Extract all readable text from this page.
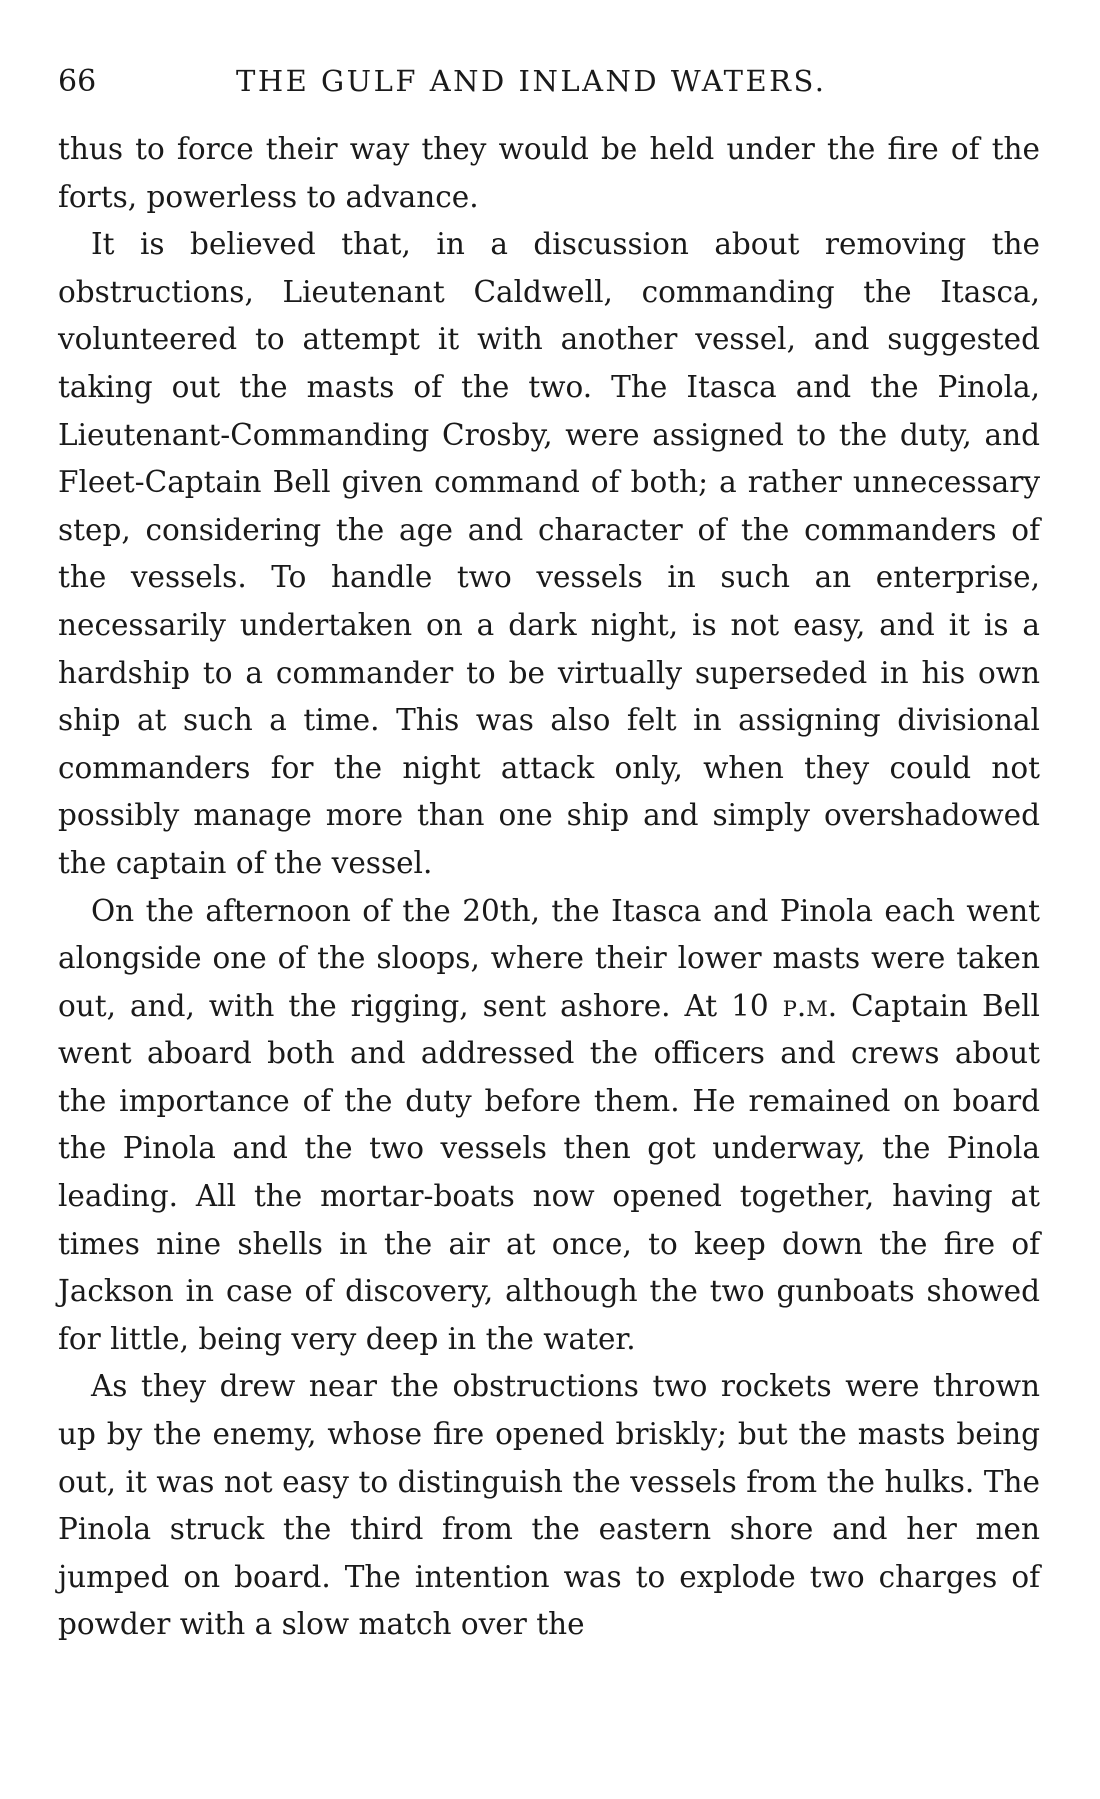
66	THE GULF AND INLAND WATERS.

thus to force their way they would be held under the fire of the forts, powerless to advance.

It is believed that, in a discussion about removing the obstructions, Lieutenant Caldwell, commanding the Itasca, volunteered to attempt it with another vessel, and suggested taking out the masts of the two. The Itasca and the Pinola, Lieutenant-Commanding Crosby, were assigned to the duty, and Fleet-Captain Bell given command of both; a rather unnecessary step, considering the age and character of the commanders of the vessels. To handle two vessels in such an enterprise, necessarily undertaken on a dark night, is not easy, and it is a hardship to a commander to be virtually superseded in his own ship at such a time. This was also felt in assigning divisional commanders for the night attack only, when they could not possibly manage more than one ship and simply overshadowed the captain of the vessel.

On the afternoon of the 20th, the Itasca and Pinola each went alongside one of the sloops, where their lower masts were taken out, and, with the rigging, sent ashore. At 10 p.m. Captain Bell went aboard both and addressed the officers and crews about the importance of the duty before them. He remained on board the Pinola and the two vessels then got underway, the Pinola leading. All the mortar-boats now opened together, having at times nine shells in the air at once, to keep down the fire of Jackson in case of discovery, although the two gunboats showed for little, being very deep in the water.

As they drew near the obstructions two rockets were thrown up by the enemy, whose fire opened briskly; but the masts being out, it was not easy to distinguish the vessels from the hulks. The Pinola struck the third from the eastern shore and her men jumped on board. The intention was to explode two charges of powder with a slow match over the
